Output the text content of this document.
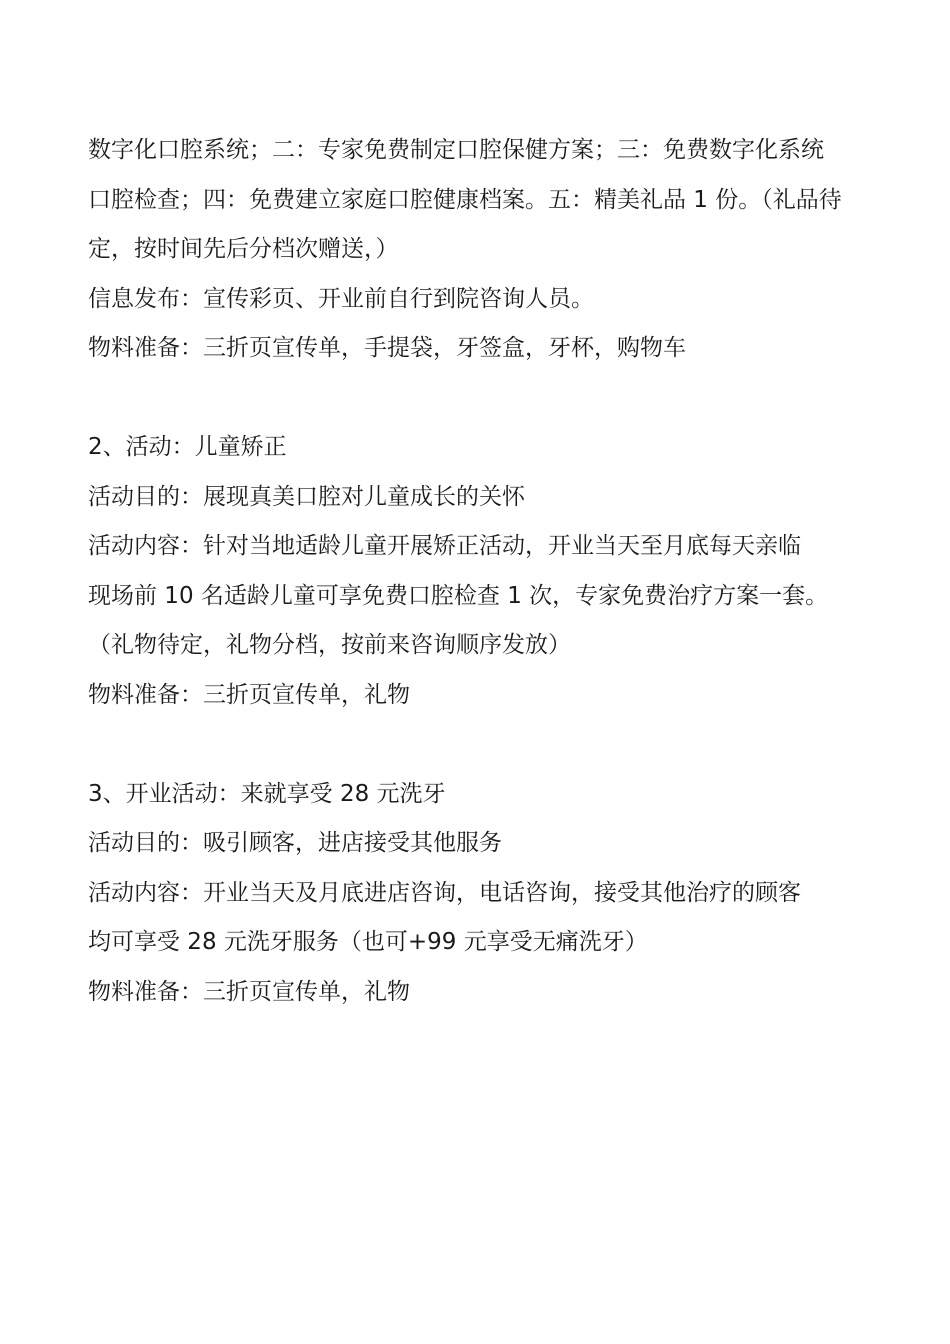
数字化口腔系统；二：专家免费制定口腔保健方案；三：免费数字化系统

口腔检查；四：免费建立家庭口腔健康档案。五：精美礼品 1 份。（礼品待

定，按时间先后分档次赠送，）

信息发布：宣传彩页、开业前自行到院咨询人员。

物料准备：三折页宣传单，手提袋，牙签盒，牙杯，购物车

2、活动：儿童矫正

活动目的：展现真美口腔对儿童成长的关怀

活动内容：针对当地适龄儿童开展矫正活动，开业当天至月底每天亲临

现场前 10 名适龄儿童可享免费口腔检查 1 次，专家免费治疗方案一套。

（礼物待定，礼物分档，按前来咨询顺序发放）

物料准备：三折页宣传单，礼物

3、开业活动：来就享受 28 元洗牙

活动目的：吸引顾客，进店接受其他服务

活动内容：开业当天及月底进店咨询，电话咨询，接受其他治疗的顾客

均可享受 28 元洗牙服务（也可+99 元享受无痛洗牙）

物料准备：三折页宣传单，礼物
